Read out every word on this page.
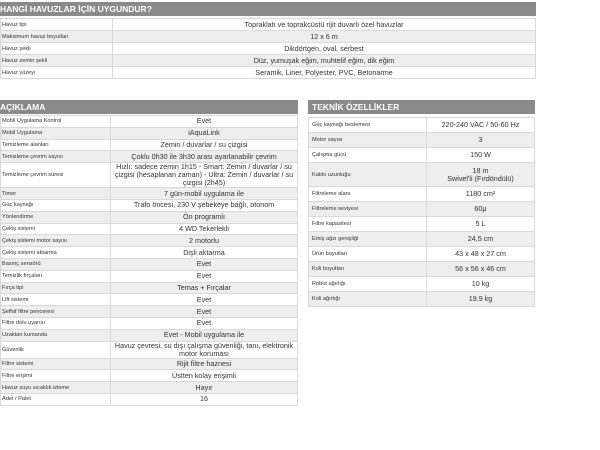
HANGİ HAVUZLAR İÇİN UYGUNDUR?
Havuz tipi	Topraklatı ve toprakcüstü rijit duvarlı özel havuzlar
Maksimum havuz boyutları	12 x 6 m
Havuz şekli	Dikdörtgen, oval, serbest
Havuz zemin şekli	Düz, yumuşak eğim, muhtelif eğim, dik eğim
Havuz yüzeyi	Seramik, Liner, Polyester, PVC, Betonarme
AÇIKLAMA
Mobil Uygulama Kontrol	Evet
Mobil Uygulama	iAquaLink
Temizleme alanları	Zemin / duvarlar / su çizgisi
Temizleme çevrim sayısı	Çoklu 0h30 ile 3h30 arası ayarlanabilir çevrim
Temizleme çevrim süresi	Hızlı: sadece zemin 1h15 - Smart: Zemin / duvarlar / su çizgisi (hesaplanan zaman) - Ultra: Zemin / duvarlar / su çizgisi (2h45)
Timer	7 gün-mobil uygulama ile
Güç kaynağı	Trafo öncesi, 230 V şebekeye bağlı, otonom
Yönlendirme	Ön programlı
Çekiş sistemi	4 WD Tekerlekli
Çekiş sistemi motor sayısı	2 motorlu
Çekiş sistemi aktarma	Dişli aktarma
Basınç sensörü	Evet
Temizlik fırçaları	Evet
Fırça tipi	Temas + Fırçalar
Lift sistemi	Evet
Şeffaf filtre penceresi	Evet
Filtre dolu uyarısı	Evet
Uzaktan kumanda	Evet - Mobil uygulama ile
Güvenlik	Havuz çevresi, su dışı çalışma güvenliği, tanı, elektronik motor koruması
Filtre sistemi	Rijit filtre haznesi
Filtre erişimi	Üstten kolay erişimli
Havuz suyu sıcaklık izleme	Hayır
Adet / Palet	16
TEKNİK ÖZELLİKLER
Güç kaynağı beslemesi	220-240 VAC / 50-60 Hz
Motor sayısı	3
Çalışma gücü	150 W
Kablo uzunluğu	18 m
Swivel'li (Fırdöndülü)

Filtreleme alanı	1180 cm²
Filtreleme seviyesi	60μ
Filtre kapasitesi	5 L
Emiş ağzı genişliği	24,5 cm
Ürün boyutları	43 x 48 x 27 cm
Koli boyutları	56 x 56 x 46 cm
Robot ağırlığı	10 kg
Koli ağırlığı	19.9 kg
